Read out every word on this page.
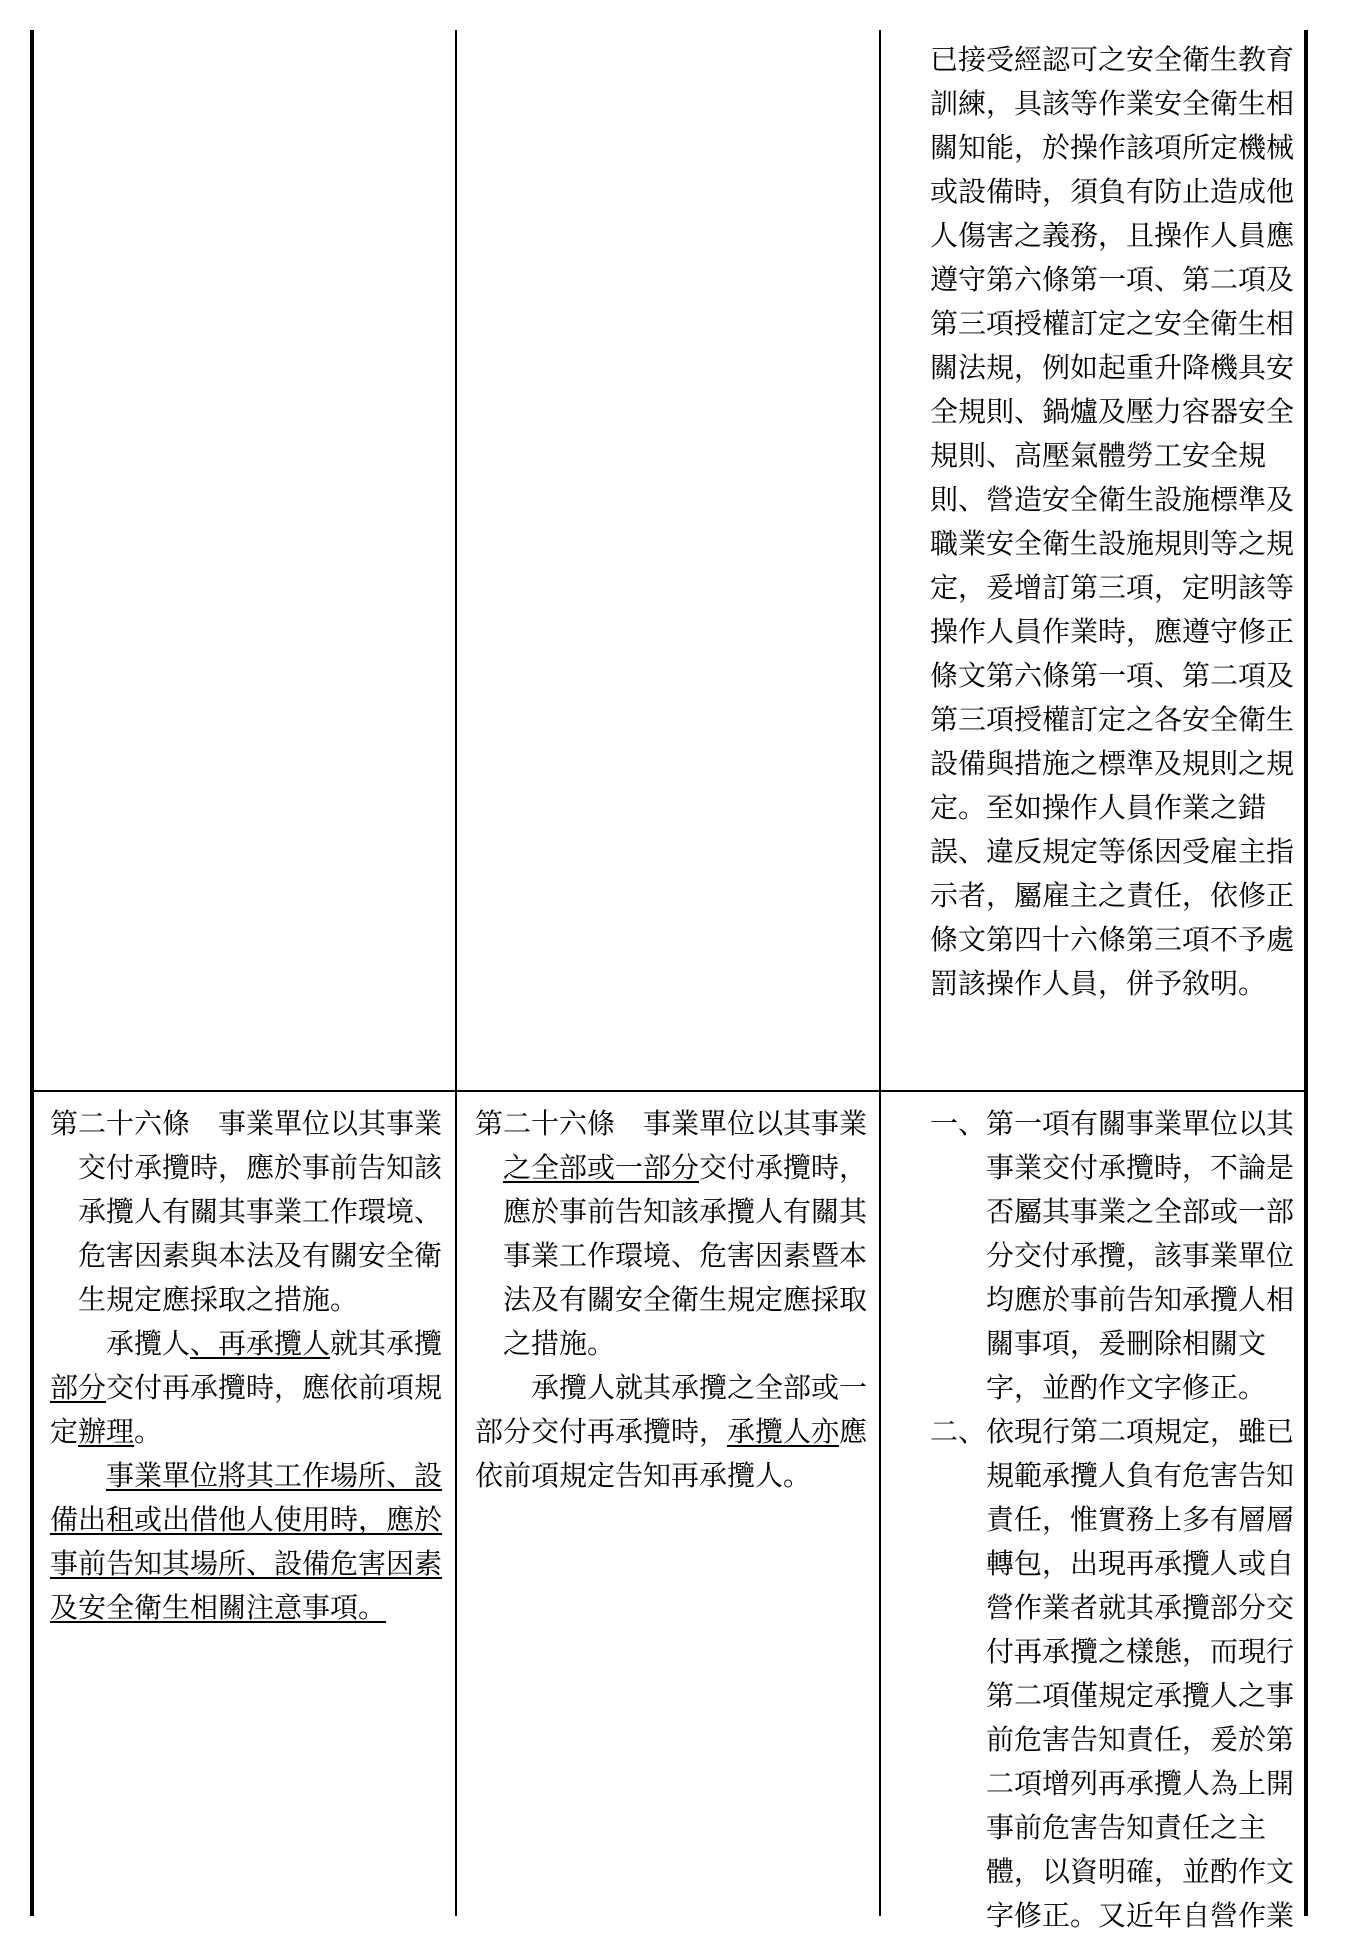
已接受經認可之安全衛生教育訓練，具該等作業安全衛生相關知能，於操作該項所定機械或設備時，須負有防止造成他人傷害之義務，且操作人員應遵守第六條第一項、第二項及第三項授權訂定之安全衛生相關法規，例如起重升降機具安全規則、鍋爐及壓力容器安全規則、高壓氣體勞工安全規則、營造安全衛生設施標準及職業安全衛生設施規則等之規定，爰增訂第三項，定明該等操作人員作業時，應遵守修正條文第六條第一項、第二項及第三項授權訂定之各安全衛生設備與措施之標準及規則之規定。至如操作人員作業之錯誤、違反規定等係因受雇主指示者，屬雇主之責任，依修正條文第四十六條第三項不予處罰該操作人員，併予敘明。

第二十六條　事業單位以其事業交付承攬時，應於事前告知該承攬人有關其事業工作環境、危害因素與本法及有關安全衛生規定應採取之措施。

承攬人、再承攬人就其承攬部分交付再承攬時，應依前項規定辦理。

事業單位將其工作場所、設備出租或出借他人使用時，應於事前告知其場所、設備危害因素及安全衛生相關注意事項。

第二十六條　事業單位以其事業之全部或一部分交付承攬時，應於事前告知該承攬人有關其事業工作環境、危害因素暨本法及有關安全衛生規定應採取之措施。

承攬人就其承攬之全部或一部分交付再承攬時，承攬人亦應依前項規定告知再承攬人。

一、第一項有關事業單位以其事業交付承攬時，不論是否屬其事業之全部或一部分交付承攬，該事業單位均應於事前告知承攬人相關事項，爰刪除相關文字，並酌作文字修正。

二、依現行第二項規定，雖已規範承攬人負有危害告知責任，惟實務上多有層層轉包，出現再承攬人或自營作業者就其承攬部分交付再承攬之樣態，而現行第二項僅規定承攬人之事前危害告知責任，爰於第二項增列再承攬人為上開事前危害告知責任之主體，以資明確，並酌作文字修正。又近年自營作業
